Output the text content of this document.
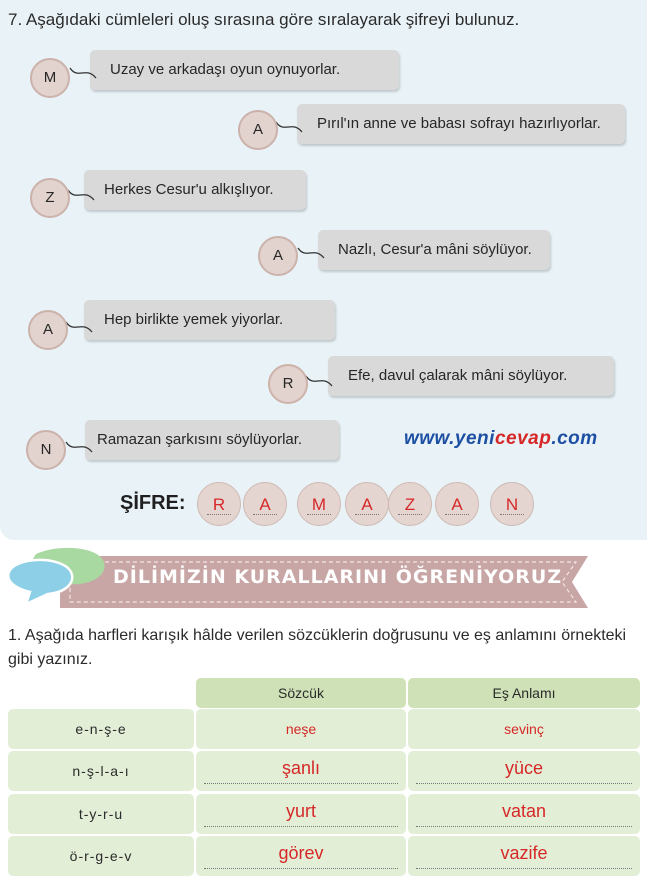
7. Aşağıdaki cümleleri oluş sırasına göre sıralayarak şifreyi bulunuz.
Uzay ve arkadaşı oyun oynuyorlar.
M
Pırıl'ın anne ve babası sofrayı hazırlıyorlar.
A
Herkes Cesur'u alkışlıyor.
Z
Nazlı, Cesur'a mâni söylüyor.
A
Hep birlikte yemek yiyorlar.
A
Efe, davul çalarak mâni söylüyor.
R
Ramazan şarkısını söylüyorlar.
N
www.yenicevap.com
ŞİFRE:	R	A	M	A	Z	A	N
DİLİMİZİN KURALLARINI ÖĞRENİYORUZ
1. Aşağıda harfleri karışık hâlde verilen sözcüklerin doğrusunu ve eş anlamını örnekteki gibi yazınız.
Sözcük	Eş Anlamı
e-n-ş-e	neşe	sevinç
n-ş-l-a-ı	şanlı	yüce
t-y-r-u	yurt	vatan
ö-r-g-e-v	görev	vazife
